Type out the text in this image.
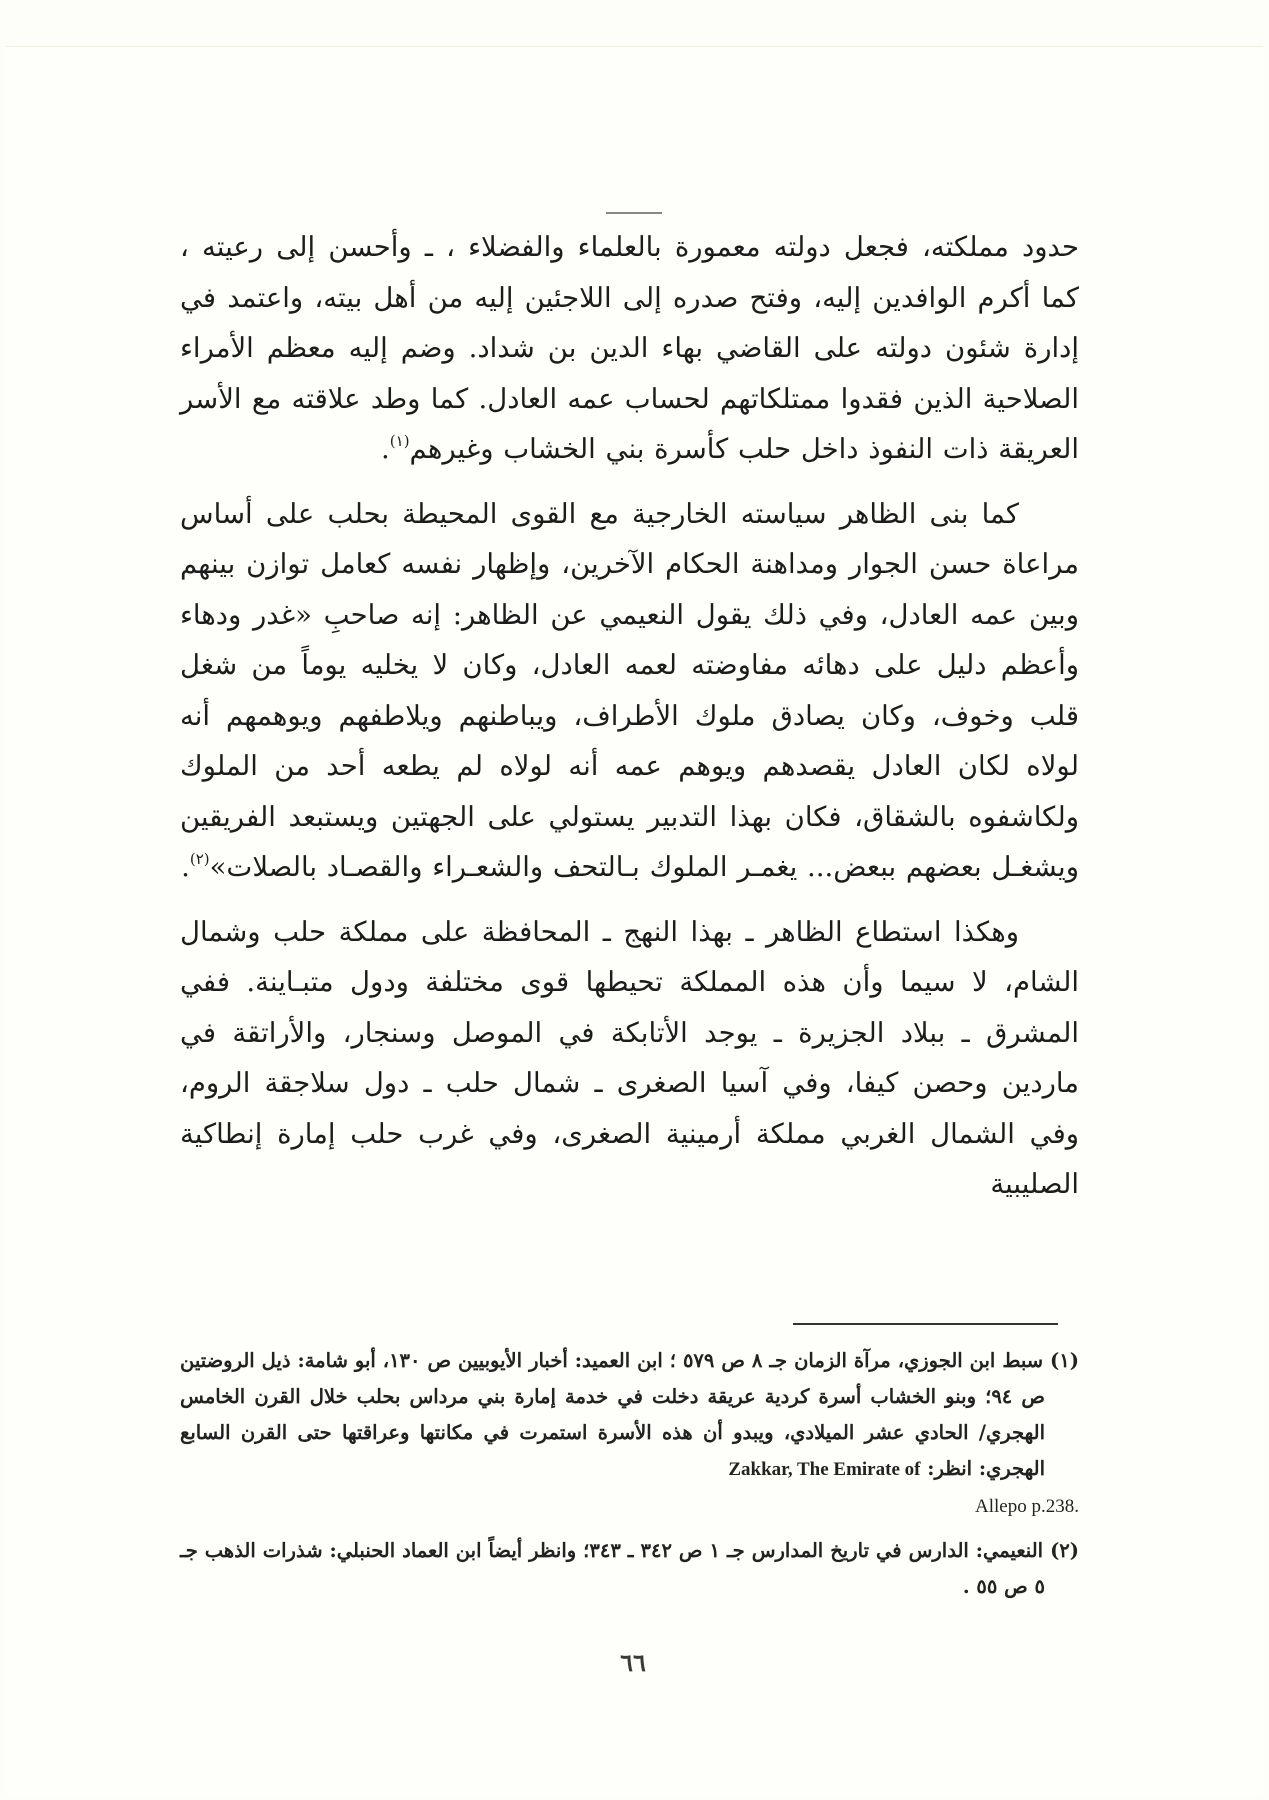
حدود مملكته، فجعل دولته معمورة بالعلماء والفضلاء ، ـ وأحسن إلى رعيته ، كما أكرم الوافدين إليه، وفتح صدره إلى اللاجئين إليه من أهل بيته، واعتمد في إدارة شئون دولته على القاضي بهاء الدين بن شداد. وضم إليه معظم الأمراء الصلاحية الذين فقدوا ممتلكاتهم لحساب عمه العادل. كما وطد علاقته مع الأسر العريقة ذات النفوذ داخل حلب كأسرة بني الخشاب وغيرهم$^{(١)}$.

كما بنى الظاهر سياسته الخارجية مع القوى المحيطة بحلب على أساس مراعاة حسن الجوار ومداهنة الحكام الآخرين، وإظهار نفسه كعامل توازن بينهم وبين عمه العادل، وفي ذلك يقول النعيمي عن الظاهر: إنه صاحبِ «غدر ودهاء وأعظم دليل على دهائه مفاوضته لعمه العادل، وكان لا يخليه يوماً من شغل قلب وخوف، وكان يصادق ملوك الأطراف، ويباطنهم ويلاطفهم ويوهمهم أنه لولاه لكان العادل يقصدهم ويوهم عمه أنه لولاه لم يطعه أحد من الملوك ولكاشفوه بالشقاق، فكان بهذا التدبير يستولي على الجهتين ويستبعد الفريقين ويشغـل بعضهم ببعض... يغمـر الملوك بـالتحف والشعـراء والقصـاد بالصلات»$^{(٢)}$.

وهكذا استطاع الظاهر ـ بهذا النهج ـ المحافظة على مملكة حلب وشمال الشام، لا سيما وأن هذه المملكة تحيطها قوى مختلفة ودول متبـاينة. ففي المشرق ـ ببلاد الجزيرة ـ يوجد الأتابكة في الموصل وسنجار، والأراتقة في ماردين وحصن كيفا، وفي آسيا الصغرى ـ شمال حلب ـ دول سلاجقة الروم، وفي الشمال الغربي مملكة أرمينية الصغرى، وفي غرب حلب إمارة إنطاكية الصليبية

(١) سبط ابن الجوزي، مرآة الزمان جـ ٨ ص ٥٧٩ ؛ ابن العميد: أخبار الأيوبيين ص ١٣٠، أبو شامة: ذيل الروضتين ص ٩٤؛ وبنو الخشاب أسرة كردية عريقة دخلت في خدمة إمارة بني مرداس بحلب خلال القرن الخامس الهجري/ الحادي عشر الميلادي، ويبدو أن هذه الأسرة استمرت في مكانتها وعراقتها حتى القرن السابع الهجري: انظر: Zakkar, The Emirate of
Allepo p.238.

(٢) النعيمي: الدارس في تاريخ المدارس جـ ١ ص ٣٤٢ ـ ٣٤٣؛ وانظر أيضاً ابن العماد الحنبلي: شذرات الذهب جـ ٥ ص ٥٥ .

٦٦
